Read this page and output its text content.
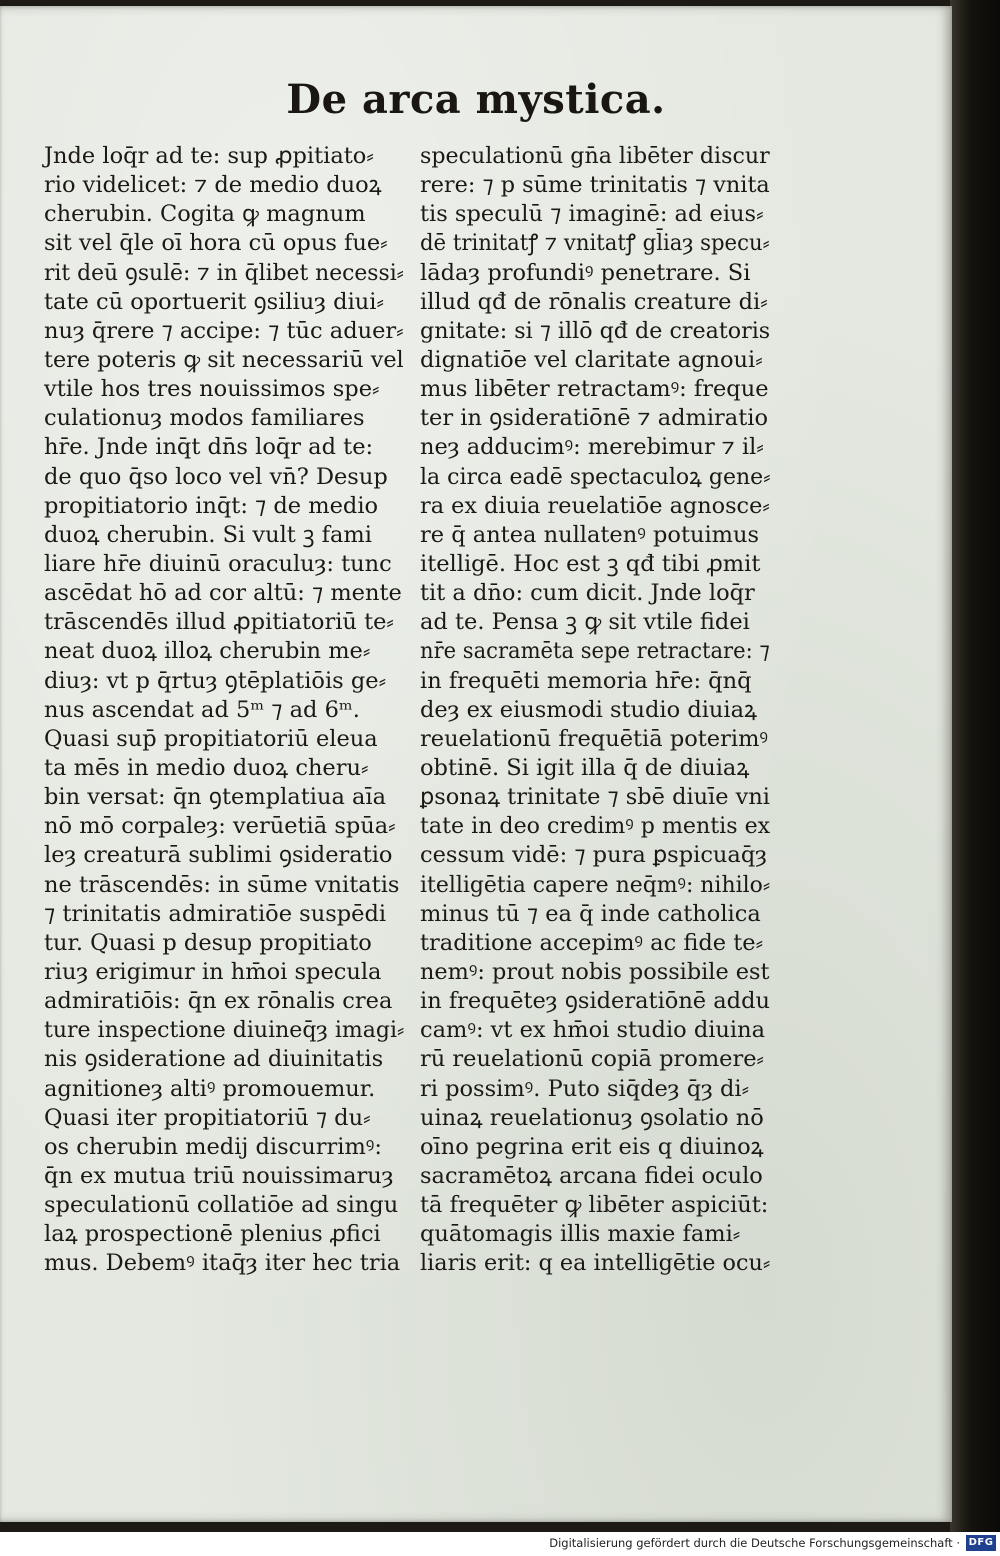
De arca mystica.
Jnde loq̄r ad te: sup ꝓpitiato⸗
rio videlicet: ⁊ de medio duoꝝ
cherubin. Cogita ꝙ magnum
sit vel q̄le oī hora cū opus fue⸗
rit deū ꝯsulē: ⁊ in q̄libet necessi⸗
tate cū oportuerit ꝯsiliuȝ diui⸗
nuȝ q̄rere ⁊ accipe: ⁊ tūc aduer⸗
tere poteris ꝙ sit necessariū vel
vtile hos tres nouissimos spe⸗
culationuȝ modos familiares
hr̄e. Jnde inq̄t dn̄s loq̄r ad te:
de quo q̄so loco vel vn̄? Desup
propitiatorio inq̄t: ⁊ de medio
duoꝝ cherubin. Si vult ꝫ fami
liare hr̄e diuinū oraculuȝ: tunc
ascēdat hō ad cor altū: ⁊ mente
trāscendēs illud ꝓpitiatoriū te⸗
neat duoꝝ illoꝝ cherubin me⸗
diuȝ: vt p q̄rtuȝ ꝯtēplatiōis ge⸗
nus ascendat ad 5ᵐ ⁊ ad 6ᵐ.
Quasi sup̄ propitiatoriū eleua
ta mēs in medio duoꝝ cheru⸗
bin versat: q̄n ꝯtemplatiua aīa
nō mō corpaleȝ: verūetiā spūa⸗
leȝ creaturā sublimi ꝯsideratio
ne trāscendēs: in sūme vnitatis
⁊ trinitatis admiratiōe suspēdi
tur. Quasi p desup propitiato
riuȝ erigimur in hm̄oi specula
admiratiōis: q̄n ex rōnalis crea
ture inspectione diuineq̄ȝ imagi⸗
nis ꝯsideratione ad diuinitatis
agnitioneȝ altiꝰ promouemur.
Quasi iter propitiatoriū ⁊ du⸗
os cherubin medij discurrimꝰ:
q̄n ex mutua triū nouissimaruȝ
speculationū collatiōe ad singu
laꝝ prospectionē plenius ꝓfici
mus. Debemꝰ itaq̄ȝ iter hec tria
speculationū gn̄a libēter discur
rere: ⁊ p sūme trinitatis ⁊ vnita
tis speculū ⁊ imaginē: ad eius⸗
dē trinitatꝭ ⁊ vnitatꝭ gl̄iaȝ specu⸗
lādaȝ profundiꝰ penetrare. Si
illud qđ de rōnalis creature di⸗
gnitate: si ⁊ illō qđ de creatoris
dignatiōe vel claritate agnoui⸗
mus libēter retractamꝰ: freque
ter in ꝯsideratiōnē ⁊ admiratio
neȝ adducimꝰ: merebimur ⁊ il⸗
la circa eadē spectaculoꝝ gene⸗
ra ex diuia reuelatiōe agnosce⸗
re q̄ antea nullatenꝰ potuimus
itelligē. Hoc est ꝫ qđ tibi ꝓmit
tit a dn̄o: cum dicit. Jnde loq̄r
ad te. Pensa ꝫ ꝙ sit vtile fidei
nr̄e sacramēta sepe retractare: ⁊
in frequēti memoria hr̄e: q̄nq̄
deȝ ex eiusmodi studio diuiaꝝ
reuelationū frequētiā poterimꝰ
obtinē. Si igit illa q̄ de diuiaꝝ
ꝑsonaꝝ trinitate ⁊ sbē diuīe vni
tate in deo credimꝰ p mentis ex
cessum vidē: ⁊ pura ꝑspicuaq̄ȝ
itelligētia capere neq̄mꝰ: nihilo⸗
minus tū ⁊ ea q̄ inde catholica
traditione accepimꝰ ac fide te⸗
nemꝰ: prout nobis possibile est
in frequēteȝ ꝯsideratiōnē addu
camꝰ: vt ex hm̄oi studio diuina
rū reuelationū copiā promere⸗
ri possimꝰ. Puto siq̄deȝ q̄ȝ di⸗
uinaꝝ reuelationuȝ ꝯsolatio nō
oīno pegrina erit eis q diuinoꝝ
sacramētoꝝ arcana fidei oculo
tā frequēter ꝙ libēter aspiciūt:
quātomagis illis maxie fami⸗
liaris erit: q ea intelligētie ocu⸗
Digitalisierung gefördert durch die Deutsche Forschungsgemeinschaft · DFG
